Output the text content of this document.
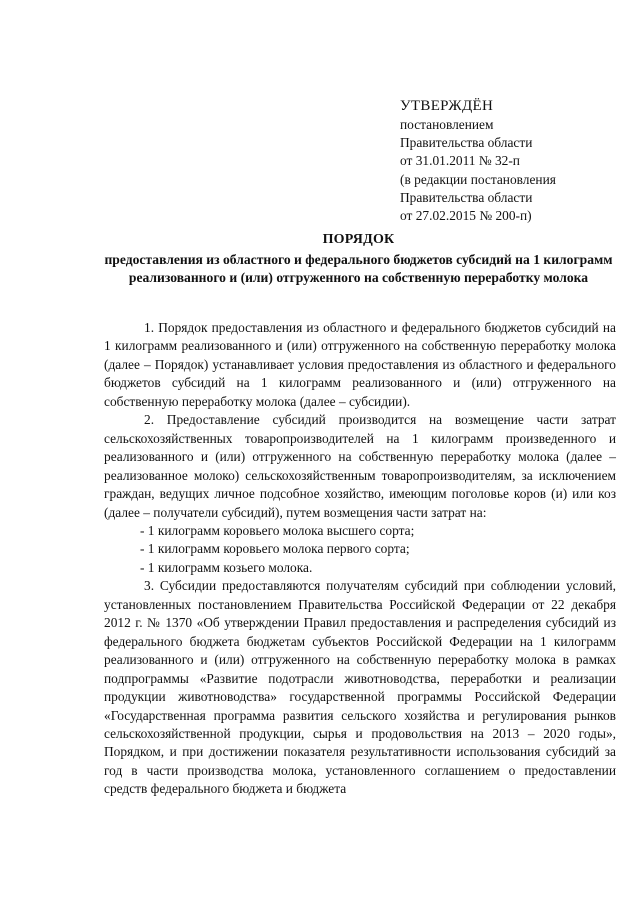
УТВЕРЖДЁН
постановлением
Правительства области
от 31.01.2011 № 32-п
(в редакции постановления
Правительства области
от 27.02.2015 № 200-п)
ПОРЯДОК
предоставления из областного и федерального бюджетов субсидий на 1 килограмм реализованного и (или) отгруженного на собственную переработку молока

1. Порядок предоставления из областного и федерального бюджетов субсидий на 1 килограмм реализованного и (или) отгруженного на собственную переработку молока (далее – Порядок) устанавливает условия предоставления из областного и федерального бюджетов субсидий на 1 килограмм реализованного и (или) отгруженного на собственную переработку молока (далее – субсидии).

2. Предоставление субсидий производится на возмещение части затрат сельскохозяйственных товаропроизводителей на 1 килограмм произведенного и реализованного и (или) отгруженного на собственную переработку молока (далее – реализованное молоко) сельскохозяйственным товаропроизводителям, за исключением граждан, ведущих личное подсобное хозяйство, имеющим поголовье коров (и) или коз (далее – получатели субсидий), путем возмещения части затрат на:

- 1 килограмм коровьего молока высшего сорта;

- 1 килограмм коровьего молока первого сорта;

- 1 килограмм козьего молока.

3. Субсидии предоставляются получателям субсидий при соблюдении условий, установленных постановлением Правительства Российской Федерации от 22 декабря 2012 г. № 1370 «Об утверждении Правил предоставления и распределения субсидий из федерального бюджета бюджетам субъектов Российской Федерации на 1 килограмм реализованного и (или) отгруженного на собственную переработку молока в рамках подпрограммы «Развитие подотрасли животноводства, переработки и реализации продукции животноводства» государственной программы Российской Федерации «Государственная программа развития сельского хозяйства и регулирования рынков сельскохозяйственной продукции, сырья и продовольствия на 2013 – 2020 годы», Порядком, и при достижении показателя результативности использования субсидий за год в части производства молока, установленного соглашением о предоставлении средств федерального бюджета и бюджета
